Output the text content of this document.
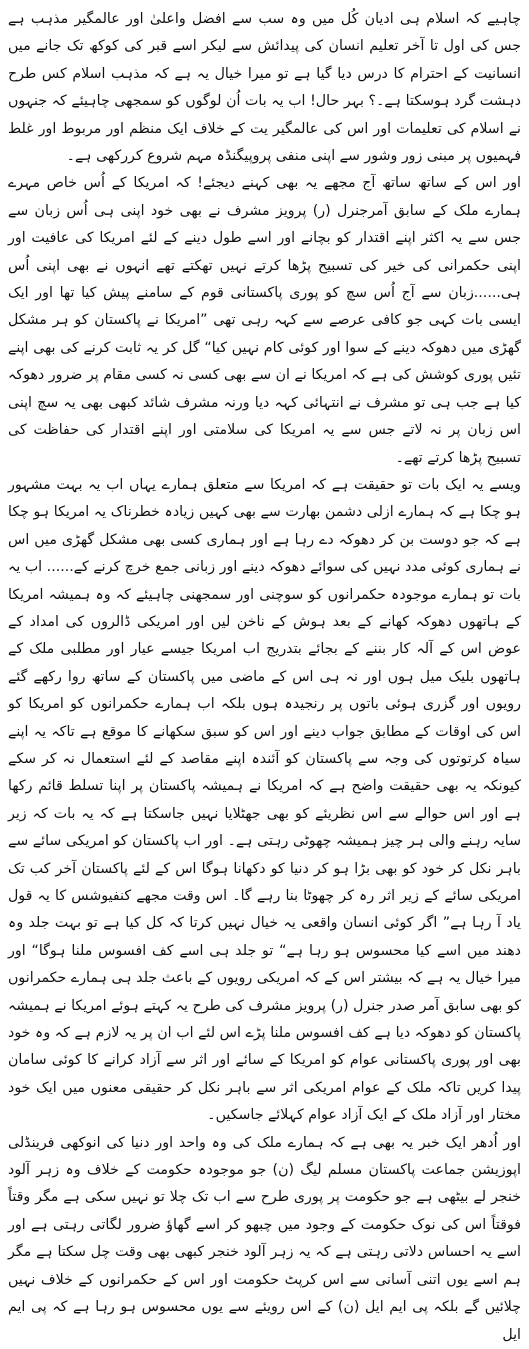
چاہیے کہ اسلام ہی ادیان کُل میں وہ سب سے افضل واعلیٰ اور عالمگیر مذہب ہے جس کی اول تا آخر تعلیم انسان کی پیدائش سے لیکر اسے قبر کی کوکھ تک جانے میں انسانیت کے احترام کا درس دیا گیا ہے تو میرا خیال یہ ہے کہ مذہب اسلام کس طرح دہشت گرد ہوسکتا ہے۔؟ بہر حال! اب یہ بات اُن لوگوں کو سمجھی چاہیئے کہ جنہوں نے اسلام کی تعلیمات اور اس کی عالمگیر یت کے خلاف ایک منظم اور مربوط اور غلط فہمیوں پر مبنی زور وشور سے اپنی منفی پروپیگنڈہ مہم شروع کررکھی ہے۔

اور اس کے ساتھ ساتھ آج مجھے یہ بھی کہنے دیجئے! کہ امریکا کے اُس خاص مہرے ہمارے ملک کے سابق آمرجنرل (ر) پرویز مشرف نے بھی خود اپنی ہی اُس زبان سے جس سے یہ اکثر اپنے اقتدار کو بچانے اور اسے طول دینے کے لئے امریکا کی عافیت اور اپنی حکمرانی کی خیر کی تسبیح پڑھا کرتے نہیں تھکتے تھے انہوں نے بھی اپنی اُس ہی......زبان سے آج اُس سچ کو پوری پاکستانی قوم کے سامنے پیش کیا تھا اور ایک ایسی بات کہی جو کافی عرصے سے کہہ رہی تھی ”امریکا نے پاکستان کو ہر مشکل گھڑی میں دھوکہ دینے کے سوا اور کوئی کام نہیں کیا“ گل کر یہ ثابت کرنے کی بھی اپنے تئیں پوری کوشش کی ہے کہ امریکا نے ان سے بھی کسی نہ کسی مقام پر ضرور دھوکہ کیا ہے جب ہی تو مشرف نے انتہائی کہہ دیا ورنہ مشرف شائد کبھی بھی یہ سچ اپنی اس زبان پر نہ لاتے جس سے یہ امریکا کی سلامتی اور اپنے اقتدار کی حفاظت کی تسبیح پڑھا کرتے تھے۔

ویسے یہ ایک بات تو حقیقت ہے کہ امریکا سے متعلق ہمارے یہاں اب یہ بہت مشہور ہو چکا ہے کہ ہمارے ازلی دشمن بھارت سے بھی کہیں زیادہ خطرناک یہ امریکا ہو چکا ہے کہ جو دوست بن کر دھوکہ دے رہا ہے اور ہماری کسی بھی مشکل گھڑی میں اس نے ہماری کوئی مدد نہیں کی سوائے دھوکہ دینے اور زبانی جمع خرچ کرنے کے...... اب یہ بات تو ہمارے موجودہ حکمرانوں کو سوچنی اور سمجھنی چاہیئے کہ وہ ہمیشہ امریکا کے ہاتھوں دھوکہ کھانے کے بعد ہوش کے ناخن لیں اور امریکی ڈالروں کی امداد کے عوض اس کے آلہ کار بننے کے بجائے بتدریج اب امریکا جیسے عیار اور مطلبی ملک کے ہاتھوں بلیک میل ہوں اور نہ ہی اس کے ماضی میں پاکستان کے ساتھ روا رکھے گئے رویوں اور گزری ہوئی باتوں پر رنجیدہ ہوں بلکہ اب ہمارے حکمرانوں کو امریکا کو اس کی اوقات کے مطابق جواب دینے اور اس کو سبق سکھانے کا موقع ہے تاکہ یہ اپنے سیاہ کرتوتوں کی وجہ سے پاکستان کو آئندہ اپنے مقاصد کے لئے استعمال نہ کر سکے کیونکہ یہ بھی حقیقت واضح ہے کہ امریکا نے ہمیشہ پاکستان پر اپنا تسلط قائم رکھا ہے اور اس حوالے سے اس نظریئے کو بھی جھٹلایا نہیں جاسکتا ہے کہ یہ بات کہ زیر سایہ رہنے والی ہر چیز ہمیشہ چھوٹی رہتی ہے۔ اور اب پاکستان کو امریکی سائے سے باہر نکل کر خود کو بھی بڑا ہو کر دنیا کو دکھانا ہوگا اس کے لئے پاکستان آخر کب تک امریکی سائے کے زیر اثر رہ کر چھوٹا بنا رہے گا۔ اس وقت مجھے کنفیوشس کا یہ قول یاد آ رہا ہے” اگر کوئی انسان واقعی یہ خیال نہیں کرتا کہ کل کیا ہے تو بہت جلد وہ دھند میں اسے کیا محسوس ہو رہا ہے“ تو جلد ہی اسے کف افسوس ملنا ہوگا“ اور میرا خیال یہ ہے کہ بیشتر اس کے کہ امریکی رویوں کے باعث جلد ہی ہمارے حکمرانوں کو بھی سابق آمر صدر جنرل (ر) پرویز مشرف کی طرح یہ کہتے ہوئے امریکا نے ہمیشہ پاکستان کو دھوکہ دیا ہے کف افسوس ملنا پڑے اس لئے اب ان پر یہ لازم ہے کہ وہ خود بھی اور پوری پاکستانی عوام کو امریکا کے سائے اور اثر سے آزاد کرانے کا کوئی سامان پیدا کریں تاکہ ملک کے عوام امریکی اثر سے باہر نکل کر حقیقی معنوں میں ایک خود مختار اور آزاد ملک کے ایک آزاد عوام کہلائے جاسکیں۔

اور اُدھر ایک خبر یہ بھی ہے کہ ہمارے ملک کی وہ واحد اور دنیا کی انوکھی فرینڈلی اپوزیشن جماعت پاکستان مسلم لیگ (ن) جو موجودہ حکومت کے خلاف وہ زہر آلود خنجر لے بیٹھی ہے جو حکومت پر پوری طرح سے اب تک چلا تو نہیں سکی ہے مگر وقتاً فوقتاً اس کی نوک حکومت کے وجود میں چبھو کر اسے گھاؤ ضرور لگاتی رہتی ہے اور اسے یہ احساس دلاتی رہتی ہے کہ یہ زہر آلود خنجر کبھی بھی وقت چل سکتا ہے مگر ہم اسے یوں اتنی آسانی سے اس کرپٹ حکومت اور اس کے حکمرانوں کے خلاف نہیں چلائیں گے بلکہ پی ایم ایل (ن) کے اس رویئے سے یوں محسوس ہو رہا ہے کہ پی ایم ایل
